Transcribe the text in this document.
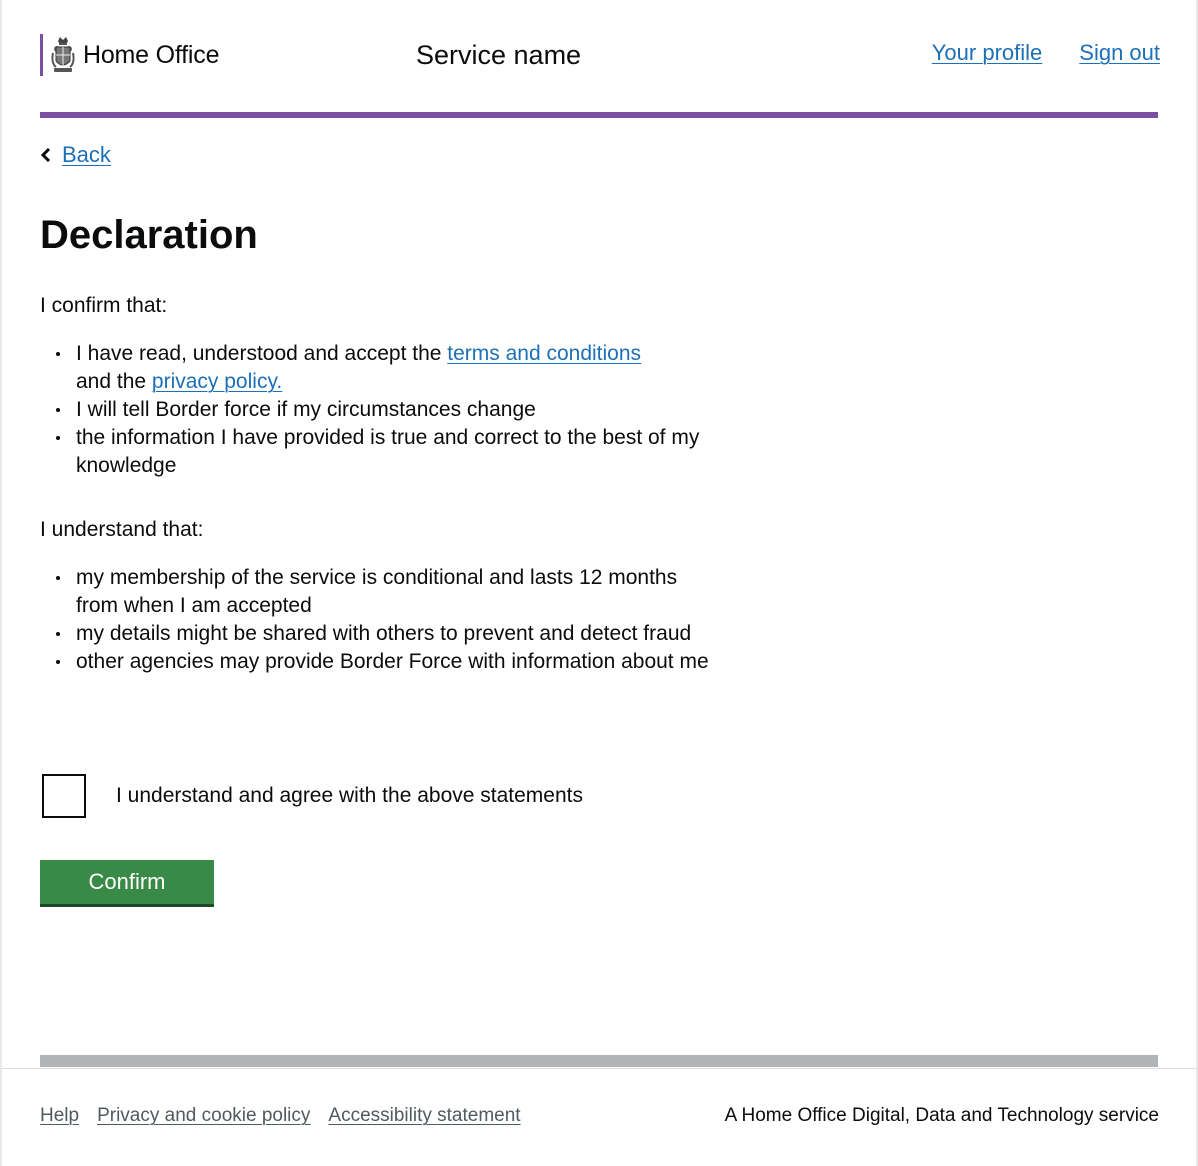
Home Office	Service name	Your profile Sign out
Back
Declaration

I confirm that:

I have read, understood and accept the terms and conditions
and the privacy policy.
I will tell Border force if my circumstances change
the information I have provided is true and correct to the best of my knowledge

I understand that:

my membership of the service is conditional and lasts 12 months from when I am accepted
my details might be shared with others to prevent and detect fraud
other agencies may provide Border Force with information about me
I understand and agree with the above statements
Confirm
Help Privacy and cookie policy Accessibility statement	A Home Office Digital, Data and Technology service
